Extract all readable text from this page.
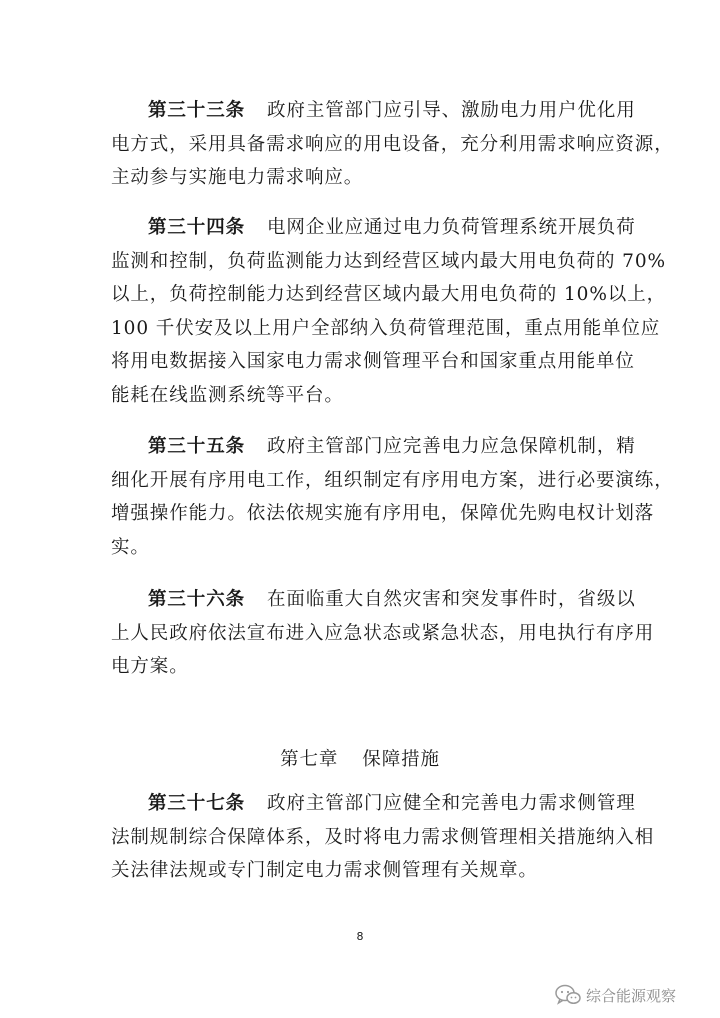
第三十三条 政府主管部门应引导、激励电力用户优化用
电方式，采用具备需求响应的用电设备，充分利用需求响应资源，
主动参与实施电力需求响应。
第三十四条 电网企业应通过电力负荷管理系统开展负荷
监测和控制，负荷监测能力达到经营区域内最大用电负荷的 70%
以上，负荷控制能力达到经营区域内最大用电负荷的 10%以上，
100 千伏安及以上用户全部纳入负荷管理范围，重点用能单位应
将用电数据接入国家电力需求侧管理平台和国家重点用能单位
能耗在线监测系统等平台。
第三十五条 政府主管部门应完善电力应急保障机制，精
细化开展有序用电工作，组织制定有序用电方案，进行必要演练，
增强操作能力。依法依规实施有序用电，保障优先购电权计划落
实。
第三十六条 在面临重大自然灾害和突发事件时，省级以
上人民政府依法宣布进入应急状态或紧急状态，用电执行有序用
电方案。
第七章 保障措施
第三十七条 政府主管部门应健全和完善电力需求侧管理
法制规制综合保障体系，及时将电力需求侧管理相关措施纳入相
关法律法规或专门制定电力需求侧管理有关规章。
8
综合能源观察
